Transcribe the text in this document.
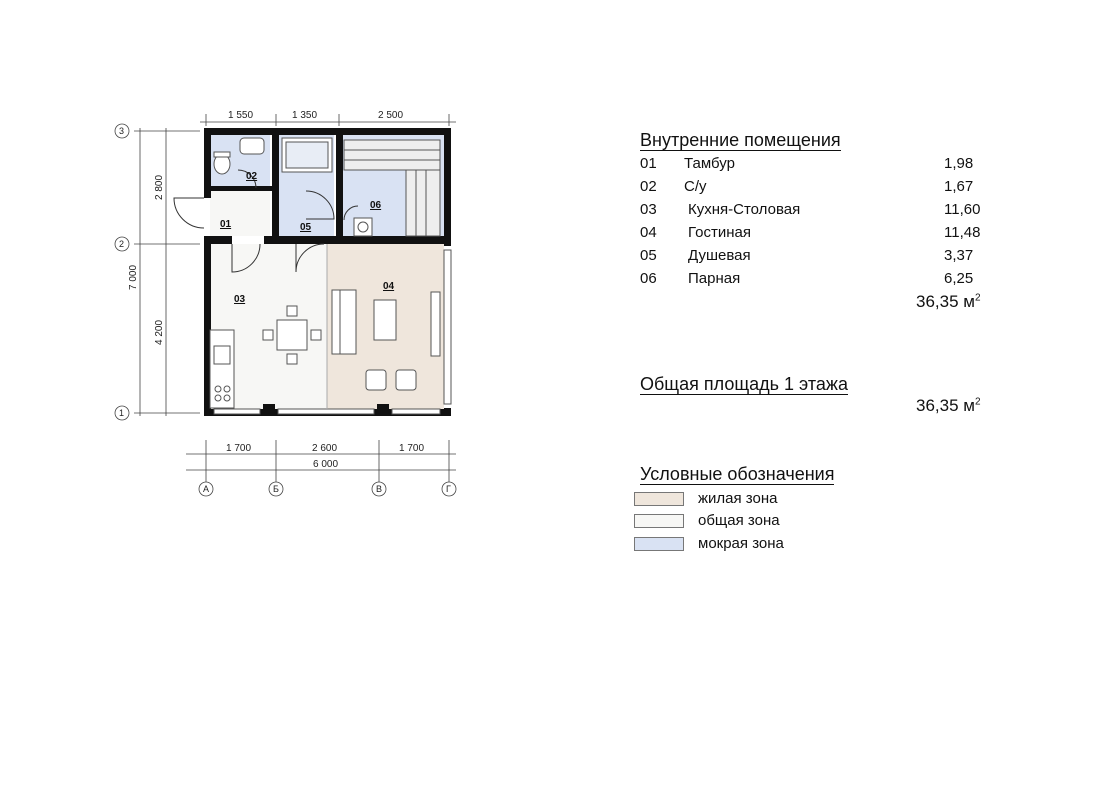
01
02
03
04
05
06
1 550	1 350	2 500
1 700	2 600	1 700
6 000
2 800
4 200
7 000
3
2
1
А	Б	В	Г
Внутренние помещения
01 Тамбур	1,98
02 С/у	1,67
03 Кухня-Столовая	11,60
04 Гостиная	11,48
05 Душевая	3,37
06 Парная	6,25
36,35 $м^2$
Общая площадь 1 этажа
36,35 $м^2$
Условные обозначения
жилая зона
общая зона
мокрая зона
